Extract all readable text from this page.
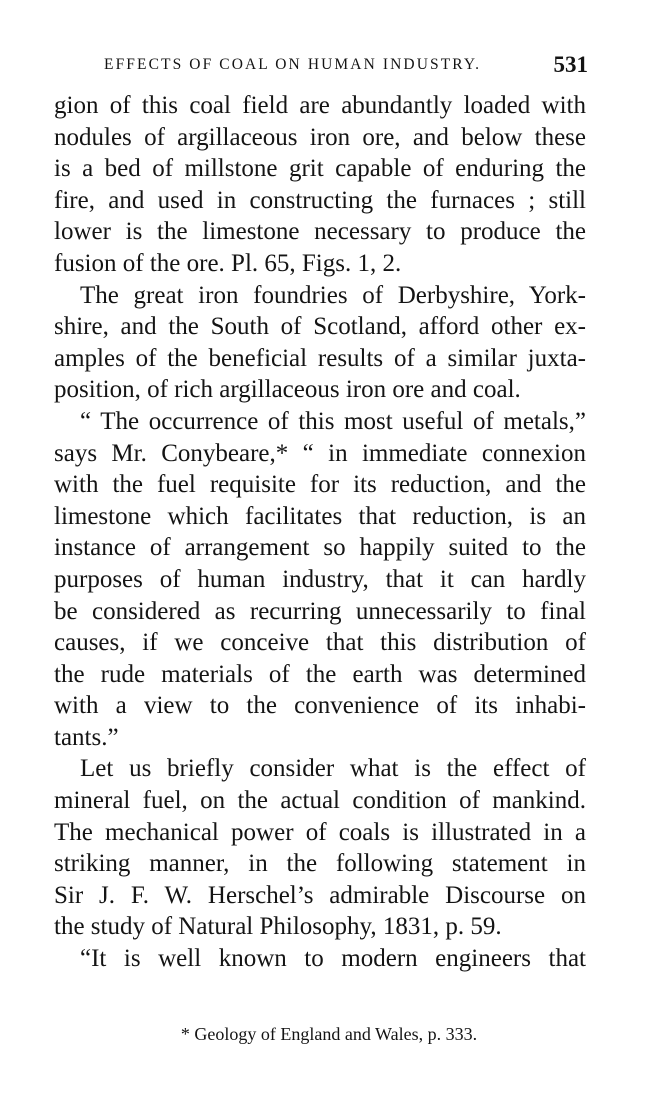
EFFECTS OF COAL ON HUMAN INDUSTRY.	531
gion of this coal field are abundantly loaded with
nodules of argillaceous iron ore, and below these
is a bed of millstone grit capable of enduring the
fire, and used in constructing the furnaces ; still
lower is the limestone necessary to produce the
fusion of the ore. Pl. 65, Figs. 1, 2.
The great iron foundries of Derbyshire, York-
shire, and the South of Scotland, afford other ex-
amples of the beneficial results of a similar juxta-
position, of rich argillaceous iron ore and coal.
“ The occurrence of this most useful of metals,”
says Mr. Conybeare,* “ in immediate connexion
with the fuel requisite for its reduction, and the
limestone which facilitates that reduction, is an
instance of arrangement so happily suited to the
purposes of human industry, that it can hardly
be considered as recurring unnecessarily to final
causes, if we conceive that this distribution of
the rude materials of the earth was determined
with a view to the convenience of its inhabi-
tants.”
Let us briefly consider what is the effect of
mineral fuel, on the actual condition of mankind.
The mechanical power of coals is illustrated in a
striking manner, in the following statement in
Sir J. F. W. Herschel’s admirable Discourse on
the study of Natural Philosophy, 1831, p. 59.
“It is well known to modern engineers that
* Geology of England and Wales, p. 333.
